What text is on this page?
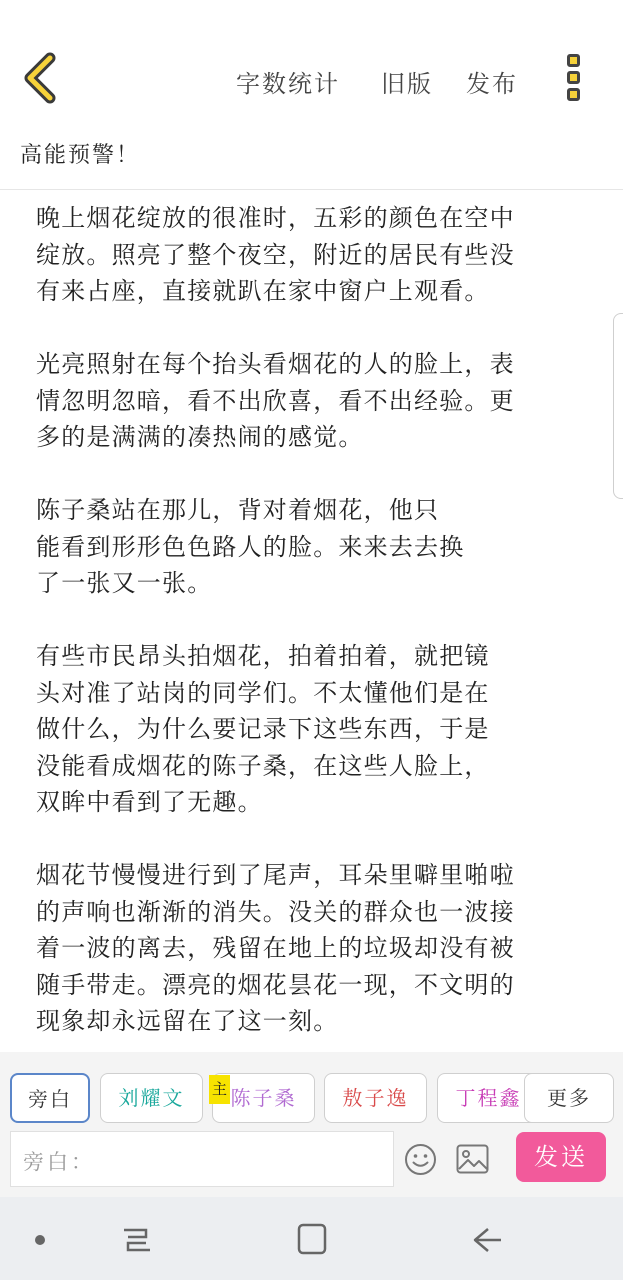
字数统计 旧版 发布
高能预警！

晚上烟花绽放的很准时，五彩的颜色在空中
绽放。照亮了整个夜空，附近的居民有些没
有来占座，直接就趴在家中窗户上观看。

光亮照射在每个抬头看烟花的人的脸上，表
情忽明忽暗，看不出欣喜，看不出经验。更
多的是满满的凑热闹的感觉。

陈子桑站在那儿，背对着烟花，他只
能看到形形色色路人的脸。来来去去换
了一张又一张。

有些市民昂头拍烟花，拍着拍着，就把镜
头对准了站岗的同学们。不太懂他们是在
做什么，为什么要记录下这些东西，于是
没能看成烟花的陈子桑，在这些人脸上，
双眸中看到了无趣。

烟花节慢慢进行到了尾声，耳朵里噼里啪啦
的声响也渐渐的消失。没关的群众也一波接
着一波的离去，残留在地上的垃圾却没有被
随手带走。漂亮的烟花昙花一现，不文明的
现象却永远留在了这一刻。

旁白	刘耀文	陈子桑
主	敖子逸	丁程鑫	更多
旁白：	发送
